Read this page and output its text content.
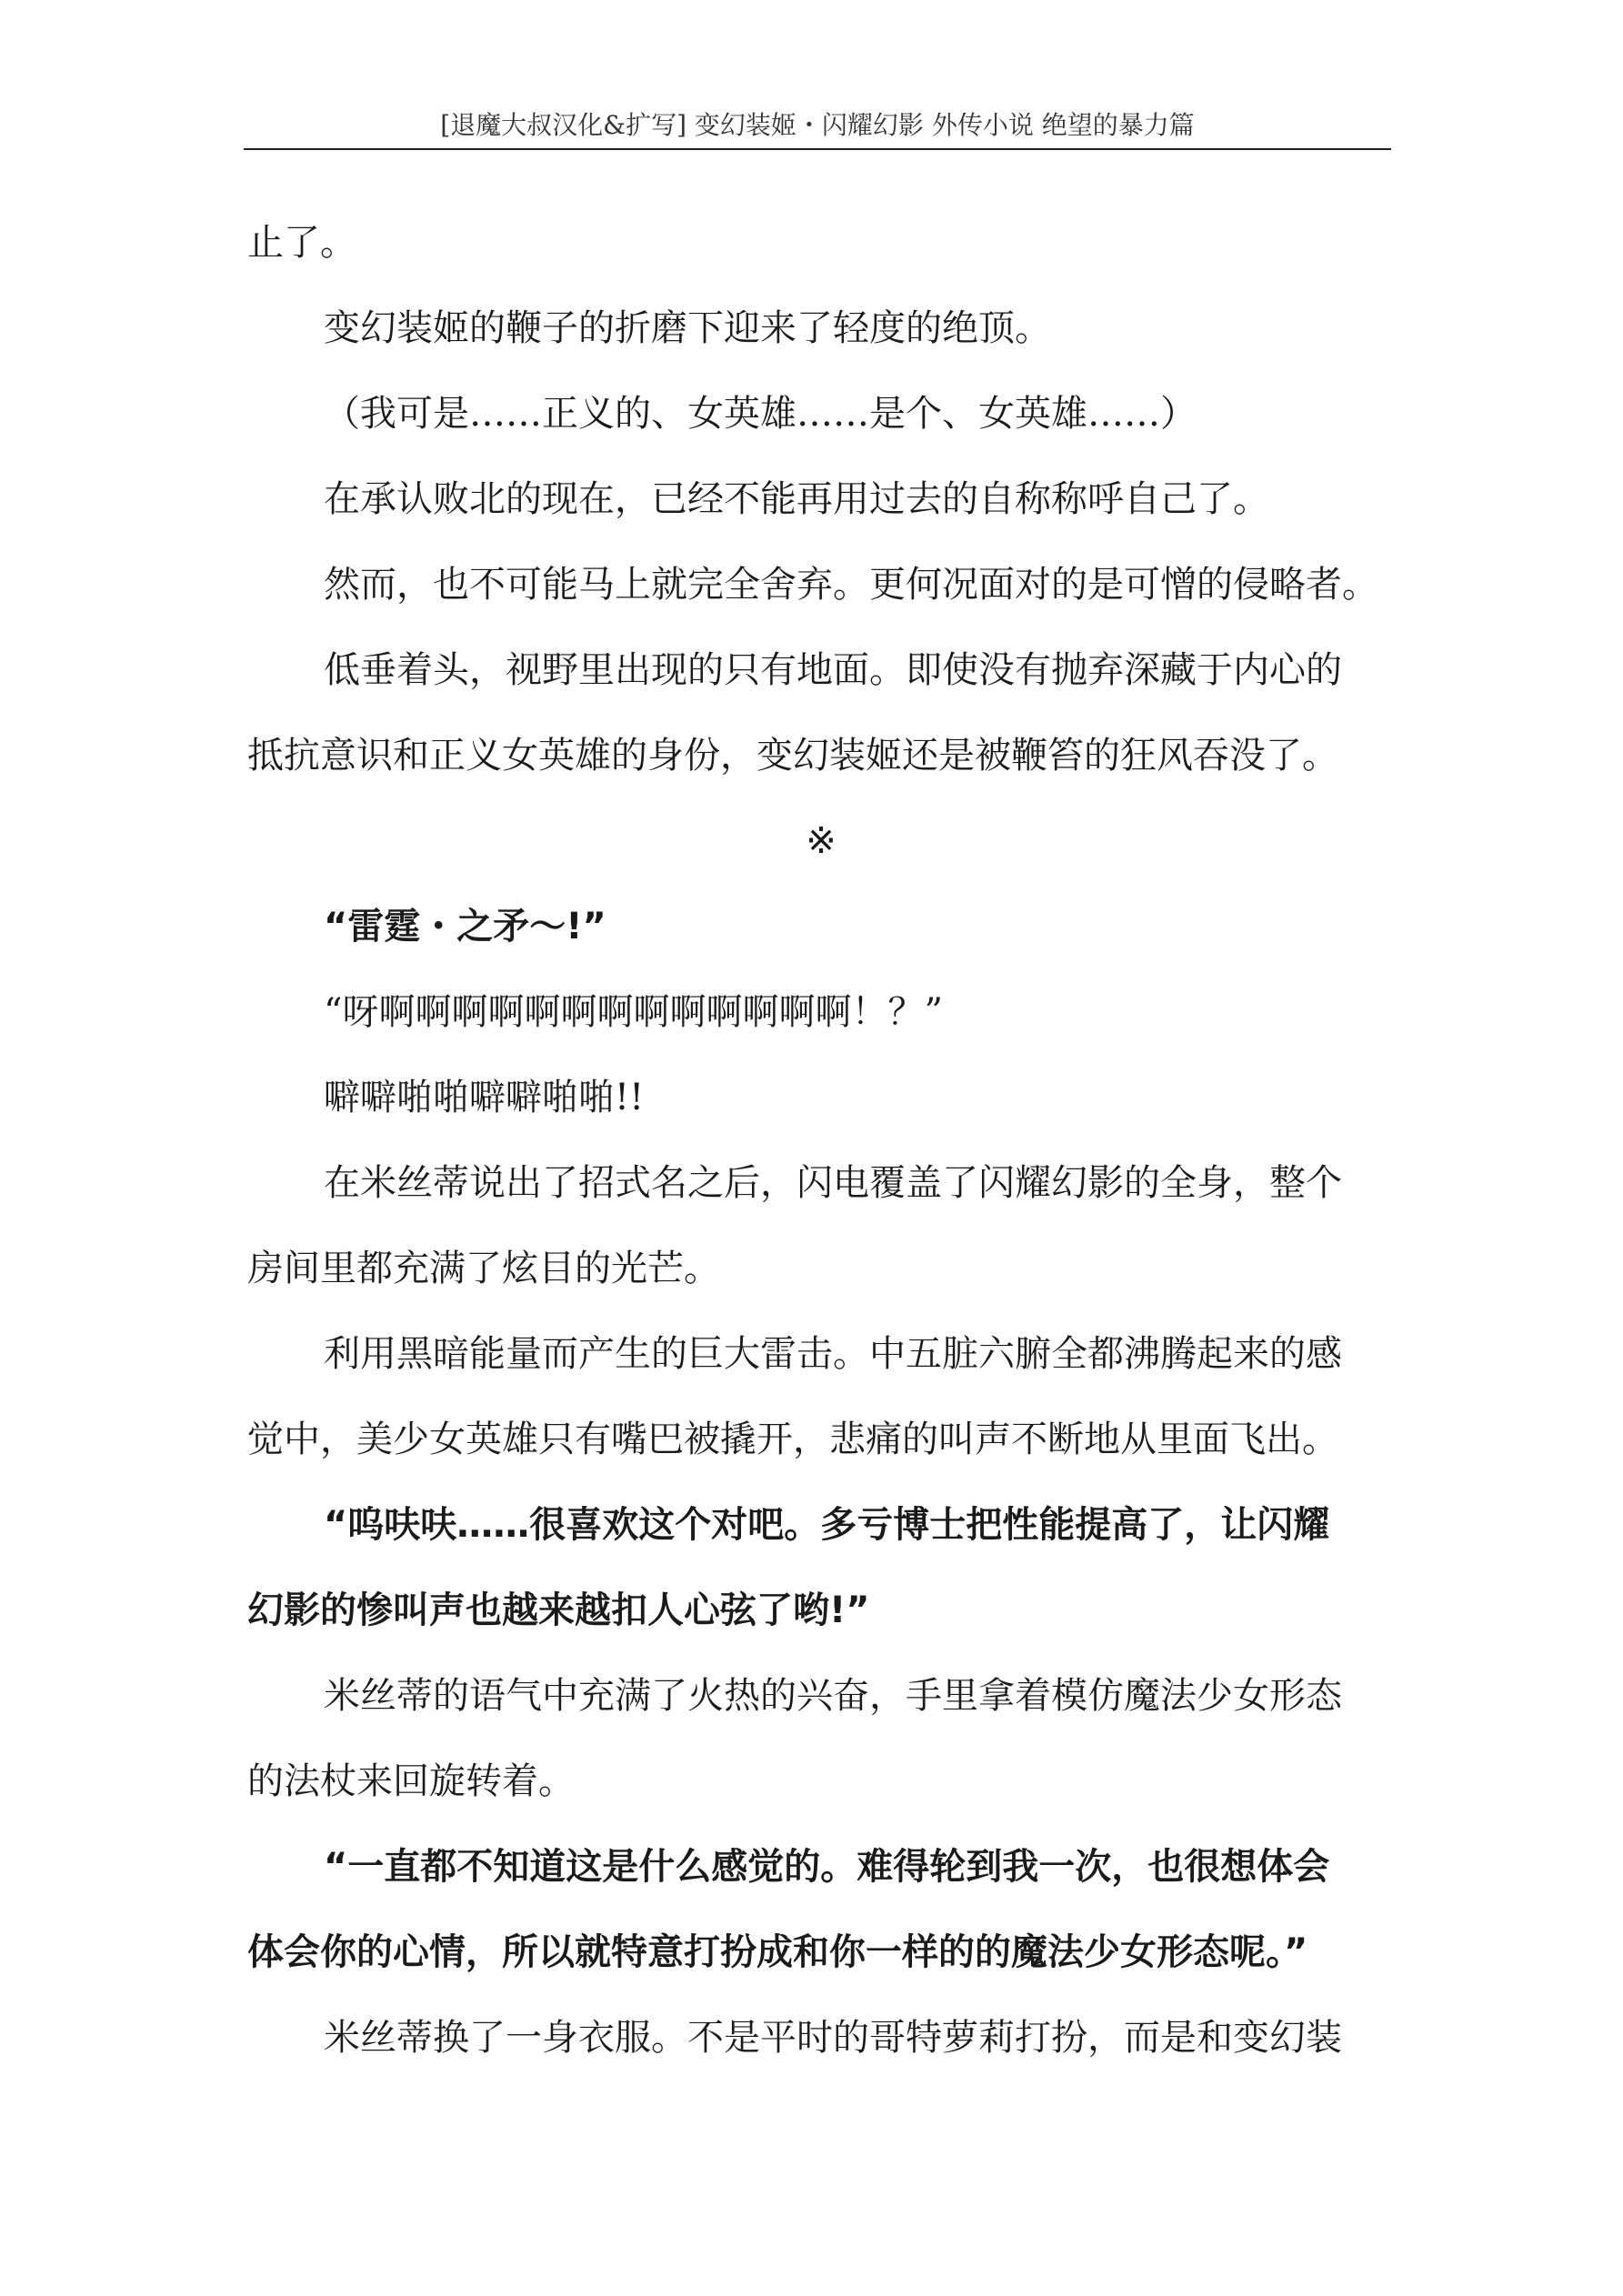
[退魔大叔汉化&扩写] 变幻装姬・闪耀幻影 外传小说 绝望的暴力篇

止了。

变幻装姬的鞭子的折磨下迎来了轻度的绝顶。

（我可是……正义的、女英雄……是个、女英雄……）

在承认败北的现在，已经不能再用过去的自称称呼自己了。

然而，也不可能马上就完全舍弃。更何况面对的是可憎的侵略者。

低垂着头，视野里出现的只有地面。即使没有抛弃深藏于内心的

抵抗意识和正义女英雄的身份，变幻装姬还是被鞭笞的狂风吞没了。

※

“雷霆・之矛～!”

“呀啊啊啊啊啊啊啊啊啊啊啊啊啊！？”

噼噼啪啪噼噼啪啪!!

在米丝蒂说出了招式名之后，闪电覆盖了闪耀幻影的全身，整个

房间里都充满了炫目的光芒。

利用黑暗能量而产生的巨大雷击。中五脏六腑全都沸腾起来的感

觉中，美少女英雄只有嘴巴被撬开，悲痛的叫声不断地从里面飞出。

“呜呋呋……很喜欢这个对吧。多亏博士把性能提高了，让闪耀

幻影的惨叫声也越来越扣人心弦了哟!”

米丝蒂的语气中充满了火热的兴奋，手里拿着模仿魔法少女形态

的法杖来回旋转着。

“一直都不知道这是什么感觉的。难得轮到我一次，也很想体会

体会你的心情，所以就特意打扮成和你一样的的魔法少女形态呢。”

米丝蒂换了一身衣服。不是平时的哥特萝莉打扮，而是和变幻装
